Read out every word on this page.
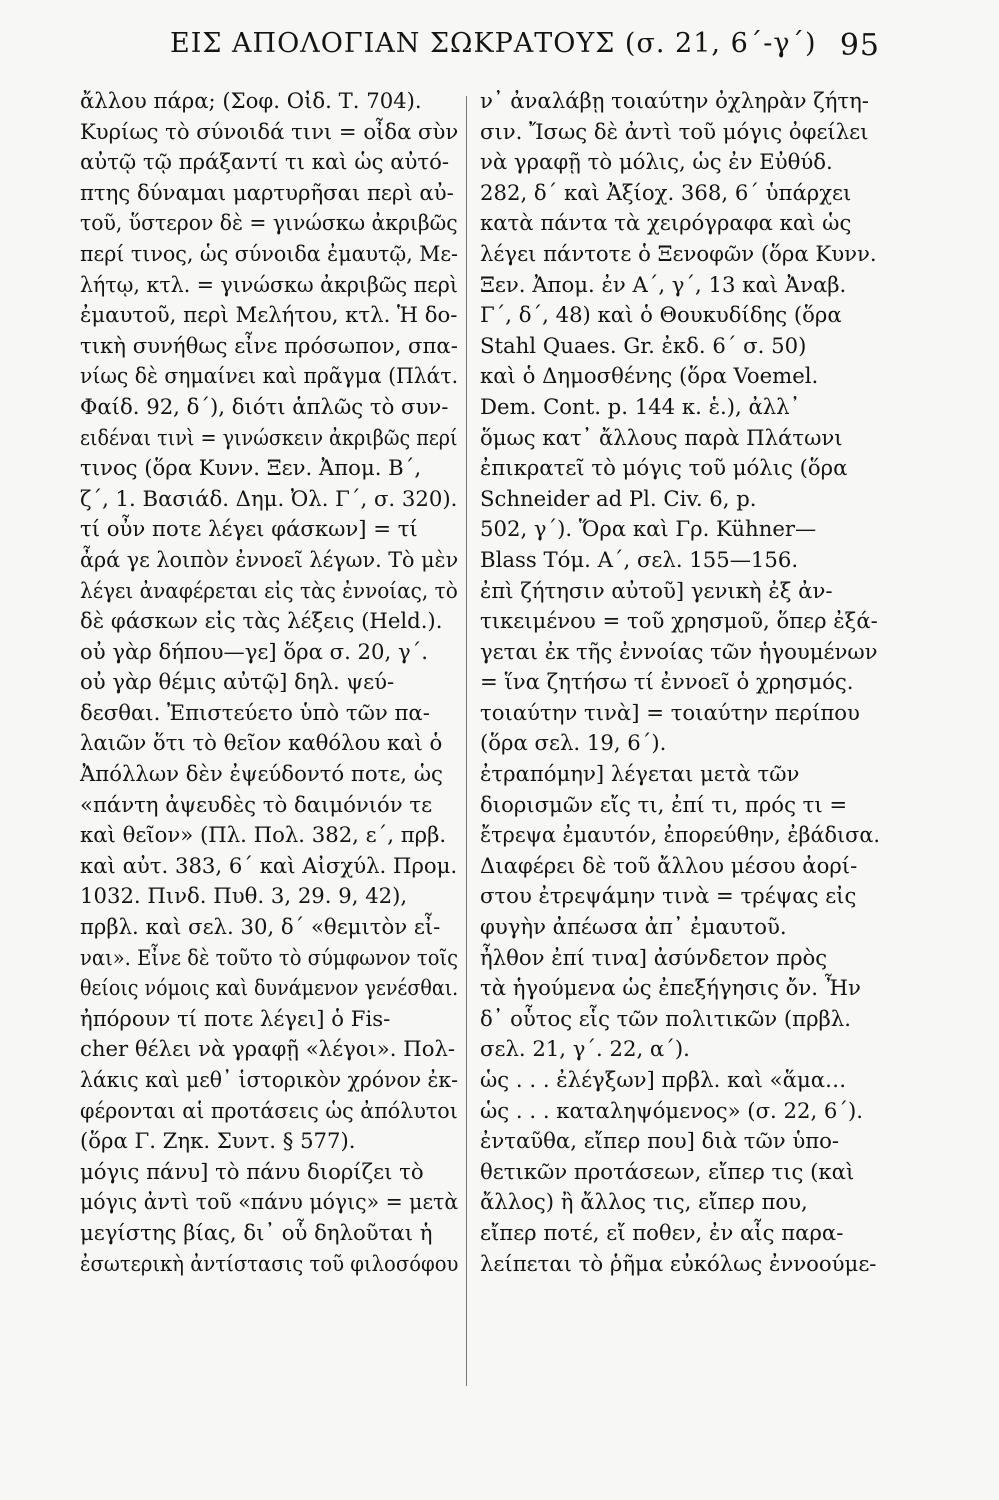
ΕΙΣ ΑΠΟΛΟΓΙΑΝ ΣΩΚΡΑΤΟΥΣ (σ. 21, 6΄-γ΄) 95
ἄλλου πάρα; (Σοφ. Οἰδ. Τ. 704).
Κυρίως τὸ σύνοιδά τινι = οἶδα σὺν
αὐτῷ τῷ πράξαντί τι καὶ ὡς αὐτό-
πτης δύναμαι μαρτυρῆσαι περὶ αὐ-
τοῦ, ὕστερον δὲ = γινώσκω ἀκριβῶς
περί τινος, ὡς σύνοιδα ἐμαυτῷ, Με-
λήτῳ, κτλ. = γινώσκω ἀκριβῶς περὶ
ἐμαυτοῦ, περὶ Μελήτου, κτλ. Ἡ δο-
τικὴ συνήθως εἶνε πρόσωπον, σπα-
νίως δὲ σημαίνει καὶ πρᾶγμα (Πλάτ.
Φαίδ. 92, δ΄), διότι ἁπλῶς τὸ συν-
ειδέναι τινὶ = γινώσκειν ἀκριβῶς περί
τινος (ὅρα Κυνν. Ξεν. Ἀπομ. Β΄,
ζ΄, 1. Βασιάδ. Δημ. Ὀλ. Γ΄, σ. 320).
τί οὖν ποτε λέγει φάσκων] = τί
ἆρά γε λοιπὸν ἐννοεῖ λέγων. Τὸ μὲν
λέγει ἀναφέρεται εἰς τὰς ἐννοίας, τὸ
δὲ φάσκων εἰς τὰς λέξεις (Held.).
οὐ γὰρ δήπου—γε] ὅρα σ. 20, γ΄.
οὐ γὰρ θέμις αὐτῷ] δηλ. ψεύ-
δεσθαι. Ἐπιστεύετο ὑπὸ τῶν πα-
λαιῶν ὅτι τὸ θεῖον καθόλου καὶ ὁ
Ἀπόλλων δὲν ἐψεύδοντό ποτε, ὡς
«πάντη ἀψευδὲς τὸ δαιμόνιόν τε
καὶ θεῖον» (Πλ. Πολ. 382, ε΄, πρβ.
καὶ αὐτ. 383, 6΄ καὶ Αἰσχύλ. Προμ.
1032. Πινδ. Πυθ. 3, 29. 9, 42),
πρβλ. καὶ σελ. 30, δ΄ «θεμιτὸν εἶ-
ναι». Εἶνε δὲ τοῦτο τὸ σύμφωνον τοῖς
θείοις νόμοις καὶ δυνάμενον γενέσθαι.
ἠπόρουν τί ποτε λέγει] ὁ Fis-
cher θέλει νὰ γραφῇ «λέγοι». Πολ-
λάκις καὶ μεθ᾽ ἱστορικὸν χρόνον ἐκ-
φέρονται αἱ προτάσεις ὡς ἀπόλυτοι
(ὅρα Γ. Ζηκ. Συντ. § 577).
μόγις πάνυ] τὸ πάνυ διορίζει τὸ
μόγις ἀντὶ τοῦ «πάνυ μόγις» = μετὰ
μεγίστης βίας, δι᾽ οὗ δηλοῦται ἡ
ἐσωτερικὴ ἀντίστασις τοῦ φιλοσόφου
ν᾽ ἀναλάβῃ τοιαύτην ὀχληρὰν ζήτη-
σιν. Ἴσως δὲ ἀντὶ τοῦ μόγις ὀφείλει
νὰ γραφῇ τὸ μόλις, ὡς ἐν Εὐθύδ.
282, δ΄ καὶ Ἀξίοχ. 368, 6΄ ὑπάρχει
κατὰ πάντα τὰ χειρόγραφα καὶ ὡς
λέγει πάντοτε ὁ Ξενοφῶν (ὅρα Κυνν.
Ξεν. Ἀπομ. ἐν Α΄, γ΄, 13 καὶ Ἀναβ.
Γ΄, δ΄, 48) καὶ ὁ Θουκυδίδης (ὅρα
Stahl Quaes. Gr. ἐκδ. 6΄ σ. 50)
καὶ ὁ Δημοσθένης (ὅρα Voemel.
Dem. Cont. p. 144 κ. ἑ.), ἀλλ᾽
ὅμως κατ᾽ ἄλλους παρὰ Πλάτωνι
ἐπικρατεῖ τὸ μόγις τοῦ μόλις (ὅρα
Schneider ad Pl. Civ. 6, p.
502, γ΄). Ὅρα καὶ Γρ. Kühner—
Blass Τόμ. Α΄, σελ. 155—156.
ἐπὶ ζήτησιν αὐτοῦ] γενικὴ ἐξ ἀν-
τικειμένου = τοῦ χρησμοῦ, ὅπερ ἐξά-
γεται ἐκ τῆς ἐννοίας τῶν ἡγουμένων
= ἵνα ζητήσω τί ἐννοεῖ ὁ χρησμός.
τοιαύτην τινὰ] = τοιαύτην περίπου
(ὅρα σελ. 19, 6΄).
ἐτραπόμην] λέγεται μετὰ τῶν
διορισμῶν εἴς τι, ἐπί τι, πρός τι =
ἔτρεψα ἐμαυτόν, ἐπορεύθην, ἐβάδισα.
Διαφέρει δὲ τοῦ ἄλλου μέσου ἀορί-
στου ἐτρεψάμην τινὰ = τρέψας εἰς
φυγὴν ἀπέωσα ἀπ᾽ ἐμαυτοῦ.
ἦλθον ἐπί τινα] ἀσύνδετον πρὸς
τὰ ἡγούμενα ὡς ἐπεξήγησις ὄν. Ἦν
δ᾽ οὗτος εἷς τῶν πολιτικῶν (πρβλ.
σελ. 21, γ΄. 22, α΄).
ὡς . . . ἐλέγξων] πρβλ. καὶ «ἅμα…
ὡς . . . καταληψόμενος» (σ. 22, 6΄).
ἐνταῦθα, εἴπερ που] διὰ τῶν ὑπο-
θετικῶν προτάσεων, εἴπερ τις (καὶ
ἄλλος) ἢ ἄλλος τις, εἴπερ που,
εἴπερ ποτέ, εἴ ποθεν, ἐν αἷς παρα-
λείπεται τὸ ῥῆμα εὐκόλως ἐννοούμε-
